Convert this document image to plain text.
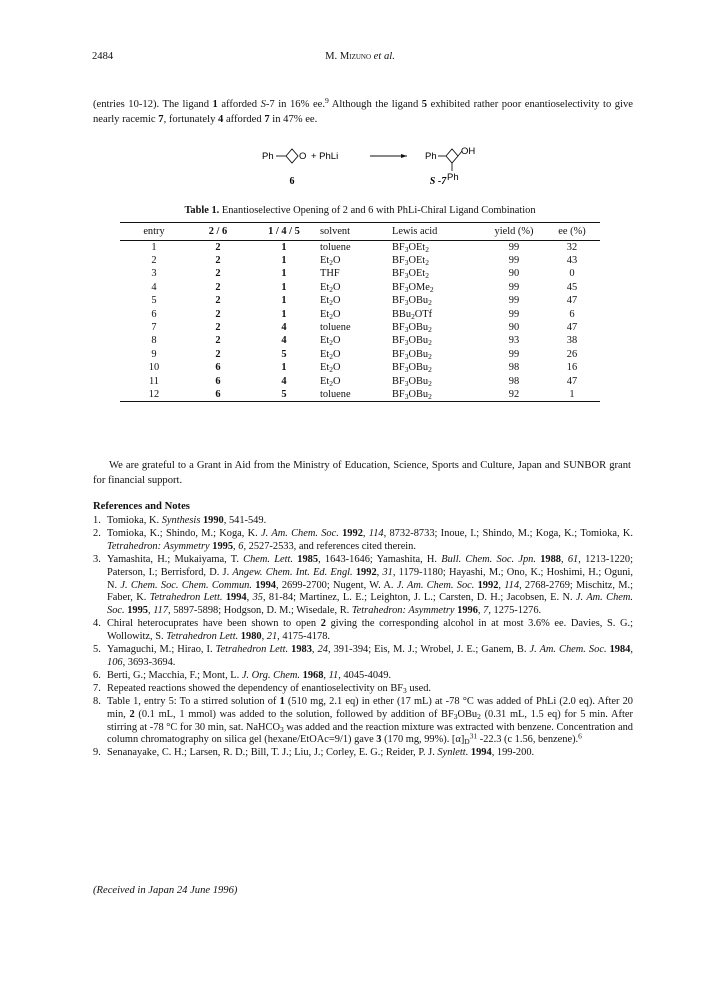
2484	M. Mizuno et al.
(entries 10-12). The ligand 1 afforded S-7 in 16% ee.$^9$ Although the ligand 5 exhibited rather poor enantioselectivity to give nearly racemic 7, fortunately 4 afforded 7 in 47% ee.
Ph	O + PhLi	Ph	OH
Ph
6	S -7
Table 1. Enantioselective Opening of 2 and 6 with PhLi-Chiral Ligand Combination
entry	2 / 6	1 / 4 / 5	solvent	Lewis acid	yield (%)	ee (%)
1	2	1	toluene	$BF_3OEt_2$	99	32
2	2	1	$Et_2O$	$BF_3OEt_2$	99	43
3	2	1	THF	$BF_3OEt_2$	90	0
4	2	1	$Et_2O$	$BF_3OMe_2$	99	45
5	2	1	$Et_2O$	$BF_3OBu_2$	99	47
6	2	1	$Et_2O$	BBu$_2$OTf	99	6
7	2	4	toluene	$BF_3OBu_2$	90	47
8	2	4	$Et_2O$	$BF_3OBu_2$	93	38
9	2	5	$Et_2O$	$BF_3OBu_2$	99	26
10	6	1	$Et_2O$	$BF_3OBu_2$	98	16
11	6	4	$Et_2O$	$BF_3OBu_2$	98	47
12	6	5	toluene	$BF_3OBu_2$	92	1
We are grateful to a Grant in Aid from the Ministry of Education, Science, Sports and Culture, Japan and SUNBOR grant for financial support.
References and Notes
1. Tomioka, K. Synthesis 1990, 541-549.
2. Tomioka, K.; Shindo, M.; Koga, K. J. Am. Chem. Soc. 1992, 114, 8732-8733; Inoue, I.; Shindo, M.; Koga, K.; Tomioka, K. Tetrahedron: Asymmetry 1995, 6, 2527-2533, and references cited therein.
3. Yamashita, H.; Mukaiyama, T. Chem. Lett. 1985, 1643-1646; Yamashita, H. Bull. Chem. Soc. Jpn. 1988, 61, 1213-1220; Paterson, I.; Berrisford, D. J. Angew. Chem. Int. Ed. Engl. 1992, 31, 1179-1180; Hayashi, M.; Ono, K.; Hoshimi, H.; Oguni, N. J. Chem. Soc. Chem. Commun. 1994, 2699-2700; Nugent, W. A. J. Am. Chem. Soc. 1992, 114, 2768-2769; Mischitz, M.; Faber, K. Tetrahedron Lett. 1994, 35, 81-84; Martinez, L. E.; Leighton, J. L.; Carsten, D. H.; Jacobsen, E. N. J. Am. Chem. Soc. 1995, 117, 5897-5898; Hodgson, D. M.; Wisedale, R. Tetrahedron: Asymmetry 1996, 7, 1275-1276.
4. Chiral heterocuprates have been shown to open 2 giving the corresponding alcohol in at most 3.6% ee. Davies, S. G.; Wollowitz, S. Tetrahedron Lett. 1980, 21, 4175-4178.
5. Yamaguchi, M.; Hirao, I. Tetrahedron Lett. 1983, 24, 391-394; Eis, M. J.; Wrobel, J. E.; Ganem, B. J. Am. Chem. Soc. 1984, 106, 3693-3694.
6. Berti, G.; Macchia, F.; Mont, L. J. Org. Chem. 1968, 11, 4045-4049.
7. Repeated reactions showed the dependency of enantioselectivity on $BF_3$ used.
8. Table 1, entry 5: To a stirred solution of 1 (510 mg, 2.1 eq) in ether (17 mL) at -78 °C was added of PhLi (2.0 eq). After 20 min, 2 (0.1 mL, 1 mmol) was added to the solution, followed by addition of $BF_3OBu_2$ (0.31 mL, 1.5 eq) for 5 min. After stirring at -78 °C for 30 min, sat. NaHCO$_3$ was added and the reaction mixture was extracted with benzene. Concentration and column chromatography on silica gel (hexane/EtOAc=9/1) gave 3 (170 mg, 99%). $[\alpha]_D^{31}$ -22.3 (c 1.56, benzene).$^6$
9. Senanayake, C. H.; Larsen, R. D.; Bill, T. J.; Liu, J.; Corley, E. G.; Reider, P. J. Synlett. 1994, 199-200.
(Received in Japan 24 June 1996)
